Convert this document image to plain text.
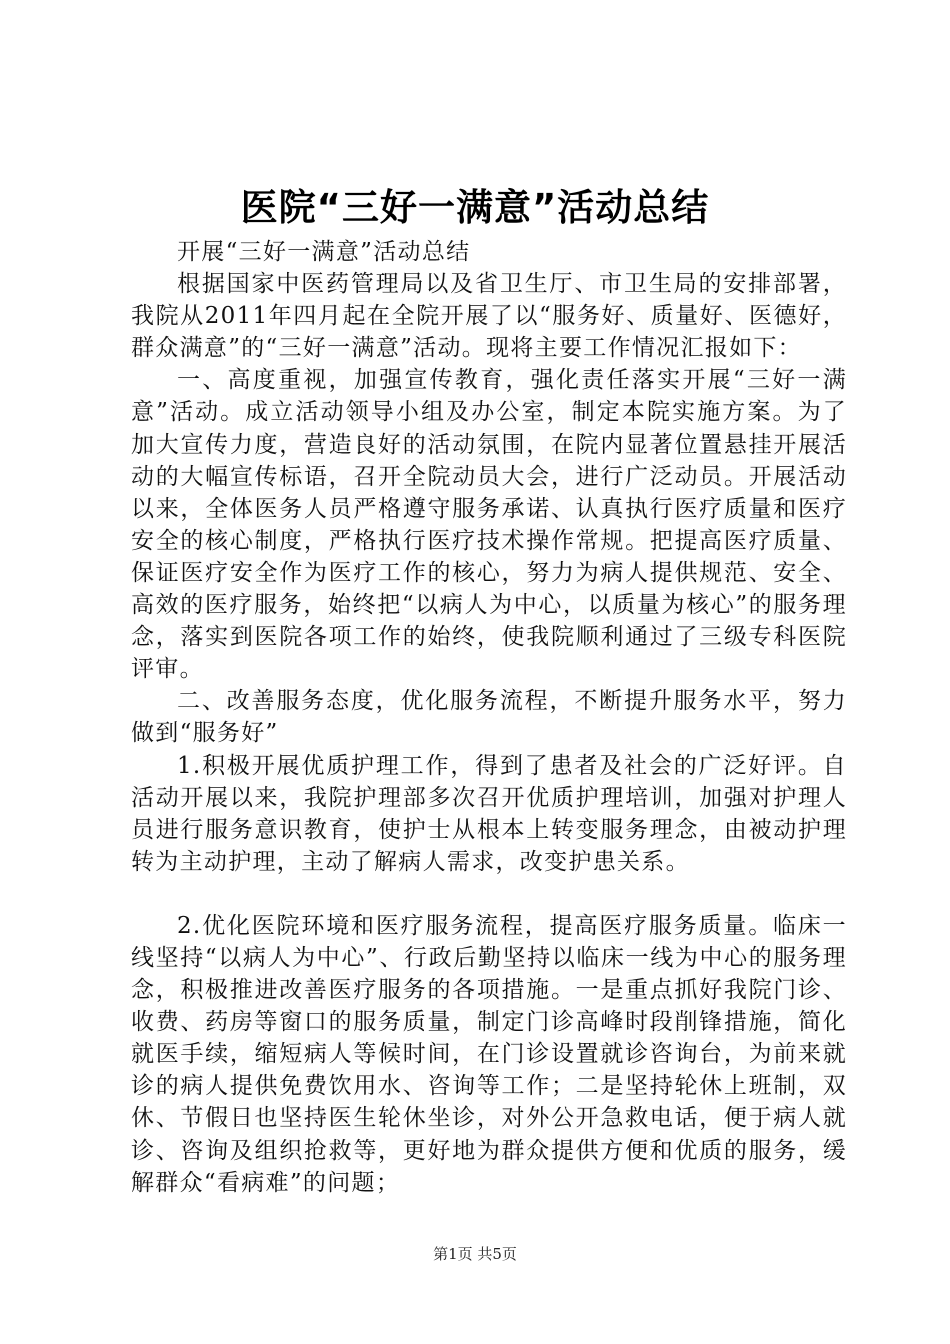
医院“三好一满意”活动总结

开展“三好一满意”活动总结

根据国家中医药管理局以及省卫生厅、市卫生局的安排部署，我院从2011年四月起在全院开展了以“服务好、质量好、医德好，群众满意”的“三好一满意”活动。现将主要工作情况汇报如下：

一、高度重视，加强宣传教育，强化责任落实开展“三好一满意”活动。成立活动领导小组及办公室，制定本院实施方案。为了加大宣传力度，营造良好的活动氛围，在院内显著位置悬挂开展活动的大幅宣传标语，召开全院动员大会，进行广泛动员。开展活动以来，全体医务人员严格遵守服务承诺、认真执行医疗质量和医疗安全的核心制度，严格执行医疗技术操作常规。把提高医疗质量、保证医疗安全作为医疗工作的核心，努力为病人提供规范、安全、高效的医疗服务，始终把“以病人为中心，以质量为核心”的服务理念，落实到医院各项工作的始终，使我院顺利通过了三级专科医院评审。

二、改善服务态度，优化服务流程，不断提升服务水平，努力做到“服务好”

1.积极开展优质护理工作，得到了患者及社会的广泛好评。自活动开展以来，我院护理部多次召开优质护理培训，加强对护理人员进行服务意识教育，使护士从根本上转变服务理念，由被动护理转为主动护理，主动了解病人需求，改变护患关系。

2.优化医院环境和医疗服务流程，提高医疗服务质量。临床一线坚持“以病人为中心”、行政后勤坚持以临床一线为中心的服务理念，积极推进改善医疗服务的各项措施。一是重点抓好我院门诊、收费、药房等窗口的服务质量，制定门诊高峰时段削锋措施，简化就医手续，缩短病人等候时间，在门诊设置就诊咨询台，为前来就诊的病人提供免费饮用水、咨询等工作；二是坚持轮休上班制，双休、节假日也坚持医生轮休坐诊，对外公开急救电话，便于病人就诊、咨询及组织抢救等，更好地为群众提供方便和优质的服务，缓解群众“看病难”的问题；

第1页 共5页
